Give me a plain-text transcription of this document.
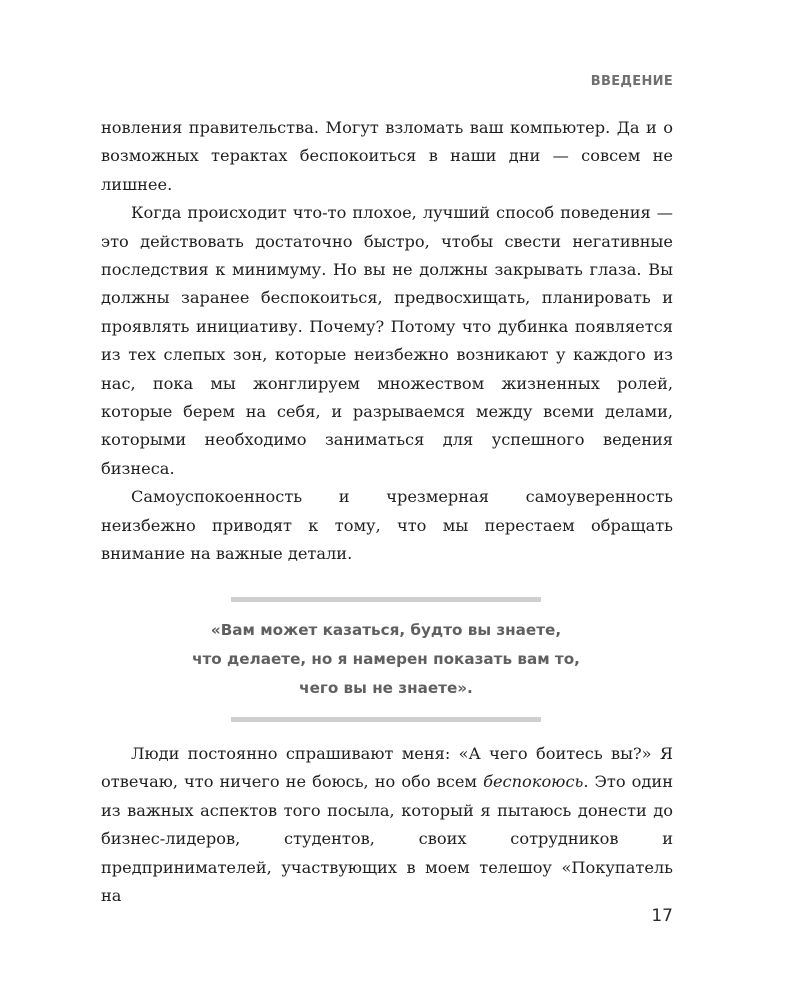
ВВЕДЕНИЕ

новления правительства. Могут взломать ваш компьютер. Да и о возможных терактах беспокоиться в наши дни — совсем не лишнее.

Когда происходит что-то плохое, лучший способ поведения — это действовать достаточно быстро, чтобы свести негативные последствия к минимуму. Но вы не должны закрывать глаза. Вы должны заранее беспокоиться, предвосхищать, планировать и проявлять инициативу. Почему? Потому что дубинка появляется из тех слепых зон, которые неизбежно возникают у каждого из нас, пока мы жонглируем множеством жизненных ролей, которые берем на себя, и разрываемся между всеми делами, которыми необходимо заниматься для успешного ведения бизнеса.

Самоуспокоенность и чрезмерная самоуверенность неизбежно приводят к тому, что мы перестаем обращать внимание на важные детали.

«Вам может казаться, будто вы знаете,
что делаете, но я намерен показать вам то,
чего вы не знаете».

Люди постоянно спрашивают меня: «А чего боитесь вы?» Я отвечаю, что ничего не боюсь, но обо всем беспокоюсь. Это один из важных аспектов того посыла, который я пытаюсь донести до бизнес-лидеров, студентов, своих сотрудников и предпринимателей, участвующих в моем телешоу «Покупатель на

17
